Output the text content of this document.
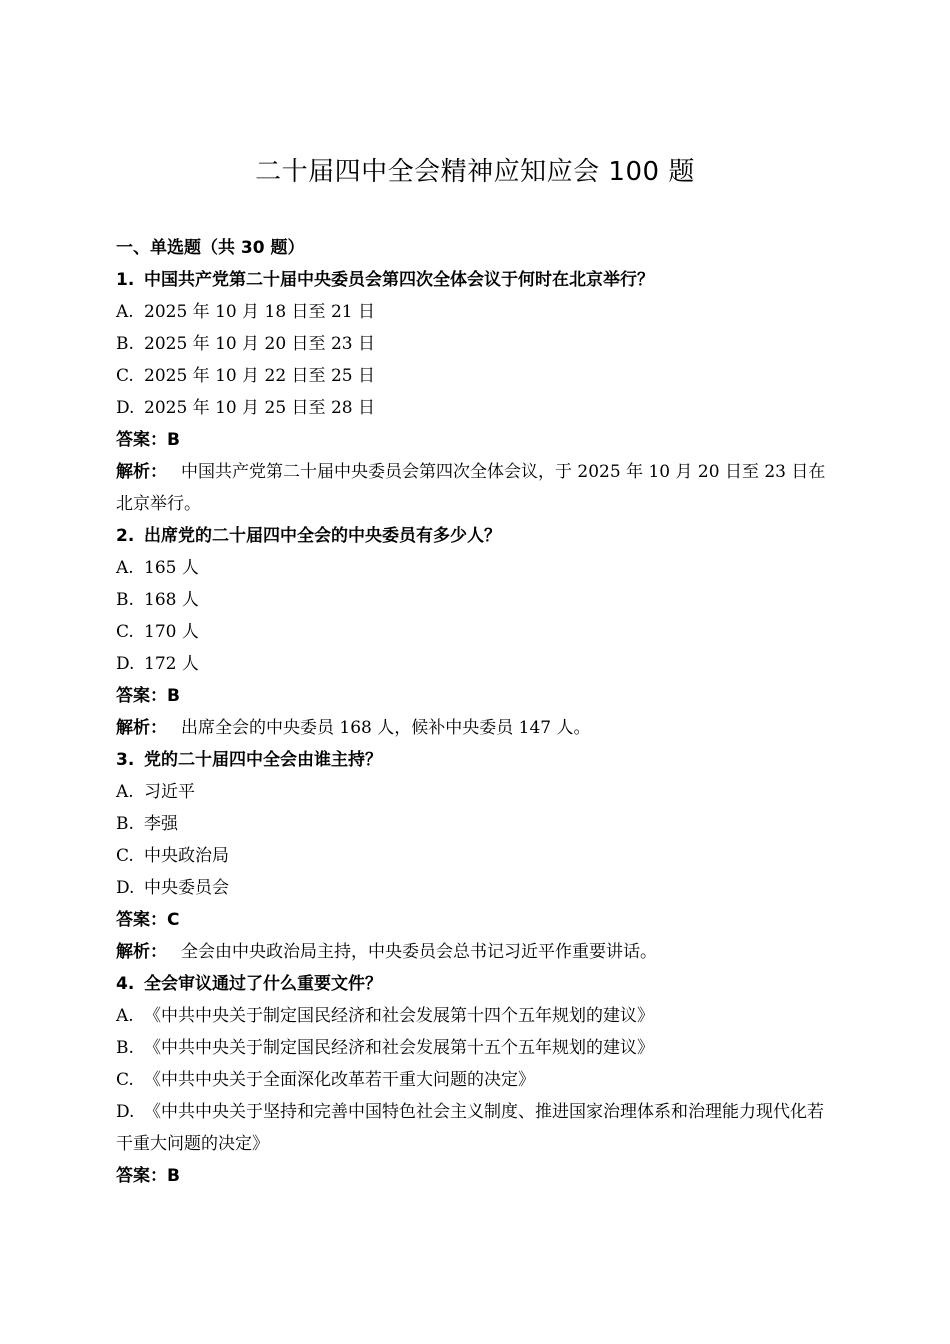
二十届四中全会精神应知应会 100 题
一、单选题（共 30 题）
1. 中国共产党第二十届中央委员会第四次全体会议于何时在北京举行？
A. 2025 年 10 月 18 日至 21 日
B. 2025 年 10 月 20 日至 23 日
C. 2025 年 10 月 22 日至 25 日
D. 2025 年 10 月 25 日至 28 日
答案：B
解析： 中国共产党第二十届中央委员会第四次全体会议，于 2025 年 10 月 20 日至 23 日在北京举行。
2. 出席党的二十届四中全会的中央委员有多少人？
A. 165 人
B. 168 人
C. 170 人
D. 172 人
答案：B
解析： 出席全会的中央委员 168 人，候补中央委员 147 人。
3. 党的二十届四中全会由谁主持？
A. 习近平
B. 李强
C. 中央政治局
D. 中央委员会
答案：C
解析： 全会由中央政治局主持，中央委员会总书记习近平作重要讲话。
4. 全会审议通过了什么重要文件？
A. 《中共中央关于制定国民经济和社会发展第十四个五年规划的建议》
B. 《中共中央关于制定国民经济和社会发展第十五个五年规划的建议》
C. 《中共中央关于全面深化改革若干重大问题的决定》
D. 《中共中央关于坚持和完善中国特色社会主义制度、推进国家治理体系和治理能力现代化若干重大问题的决定》
答案：B
